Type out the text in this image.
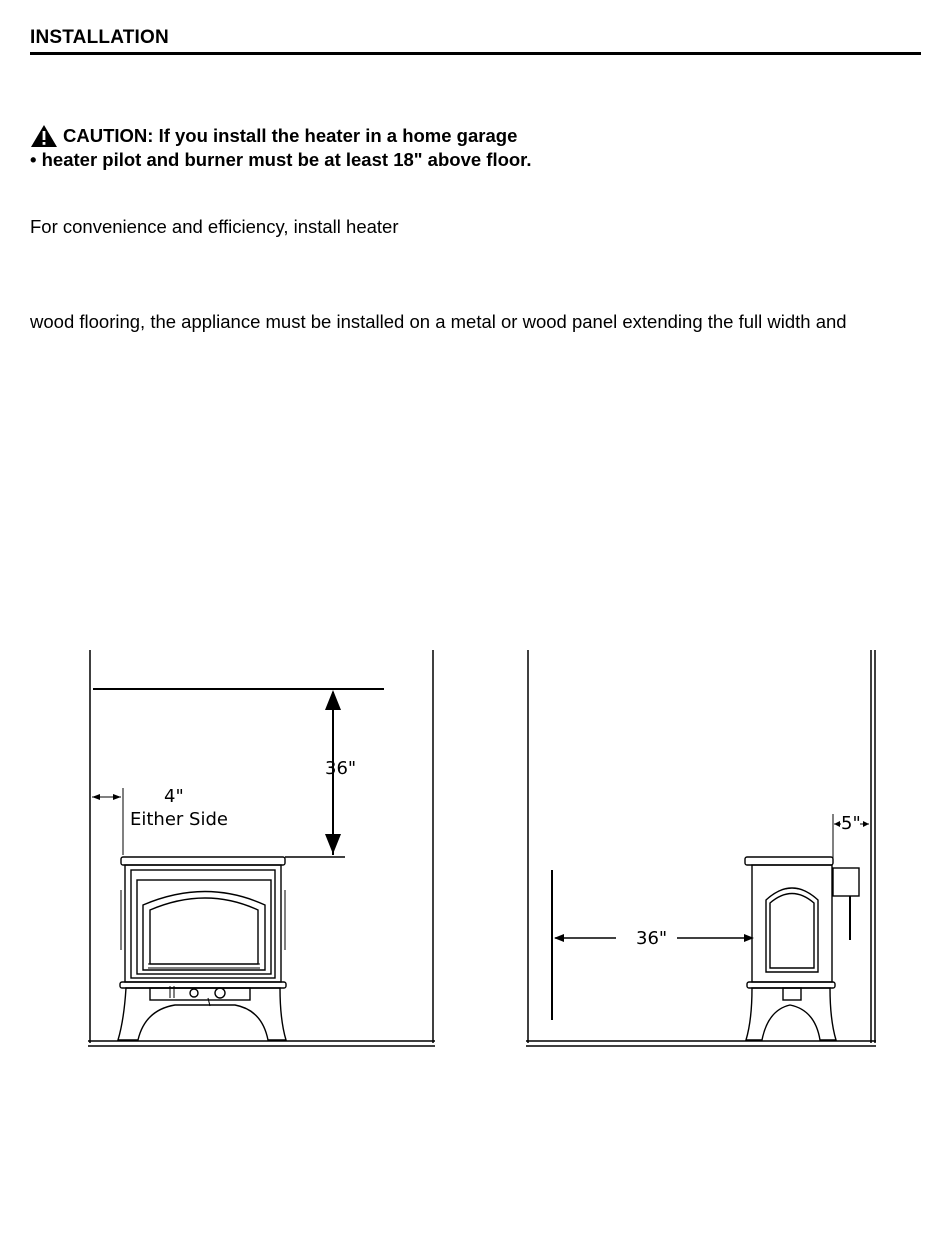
INSTALLATION
CAUTION: If you install the heater in a home garage
• heater pilot and burner must be at least 18" above floor.
For convenience and efficiency, install heater
wood flooring, the appliance must be installed on a metal or wood panel extending the full width and
36"
4"
Either Side	5"
36"
